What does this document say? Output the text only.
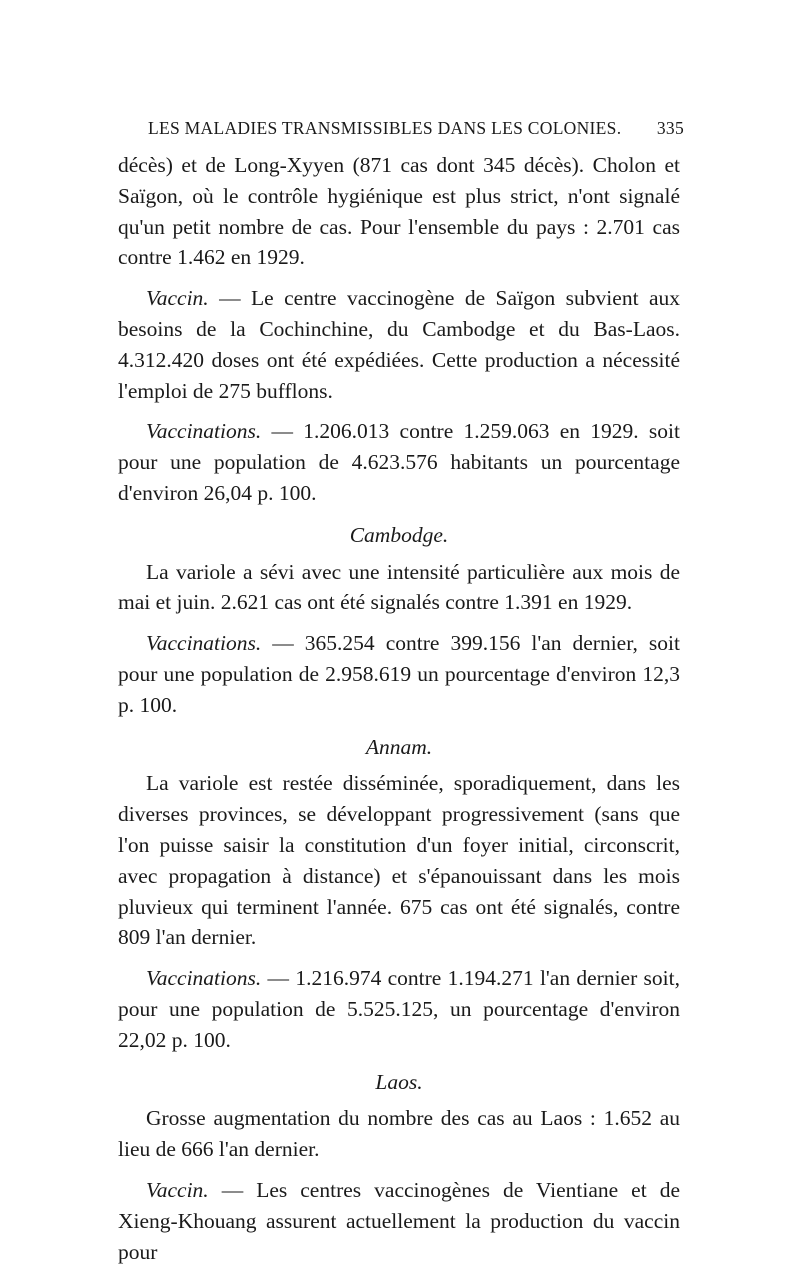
LES MALADIES TRANSMISSIBLES DANS LES COLONIES. 335

décès) et de Long-Xyyen (871 cas dont 345 décès). Cholon et Saïgon, où le contrôle hygiénique est plus strict, n'ont signalé qu'un petit nombre de cas. Pour l'ensemble du pays : 2.701 cas contre 1.462 en 1929.

Vaccin. — Le centre vaccinogène de Saïgon subvient aux besoins de la Cochinchine, du Cambodge et du Bas-Laos. 4.312.420 doses ont été expédiées. Cette production a nécessité l'emploi de 275 bufflons.

Vaccinations. — 1.206.013 contre 1.259.063 en 1929. soit pour une population de 4.623.576 habitants un pourcentage d'environ 26,04 p. 100.

Cambodge.

La variole a sévi avec une intensité particulière aux mois de mai et juin. 2.621 cas ont été signalés contre 1.391 en 1929.

Vaccinations. — 365.254 contre 399.156 l'an dernier, soit pour une population de 2.958.619 un pourcentage d'environ 12,3 p. 100.

Annam.

La variole est restée disséminée, sporadiquement, dans les diverses provinces, se développant progressivement (sans que l'on puisse saisir la constitution d'un foyer initial, circonscrit, avec propagation à distance) et s'épanouissant dans les mois pluvieux qui terminent l'année. 675 cas ont été signalés, contre 809 l'an dernier.

Vaccinations. — 1.216.974 contre 1.194.271 l'an dernier soit, pour une population de 5.525.125, un pourcentage d'environ 22,02 p. 100.

Laos.

Grosse augmentation du nombre des cas au Laos : 1.652 au lieu de 666 l'an dernier.

Vaccin. — Les centres vaccinogènes de Vientiane et de Xieng-Khouang assurent actuellement la production du vaccin pour
